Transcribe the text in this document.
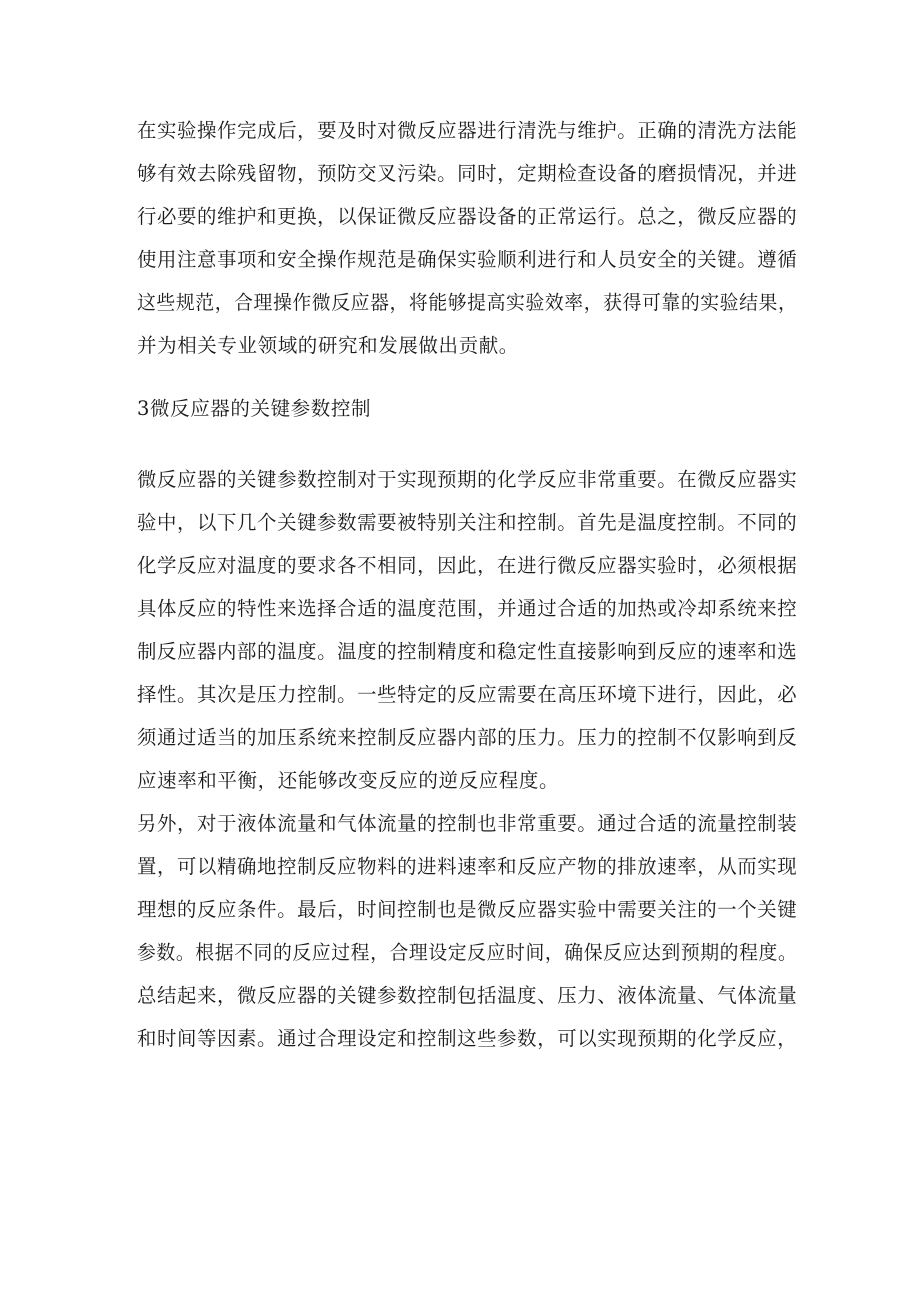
在实验操作完成后，要及时对微反应器进行清洗与维护。正确的清洗方法能
够有效去除残留物，预防交叉污染。同时，定期检查设备的磨损情况，并进
行必要的维护和更换，以保证微反应器设备的正常运行。总之，微反应器的
使用注意事项和安全操作规范是确保实验顺利进行和人员安全的关键。遵循
这些规范，合理操作微反应器，将能够提高实验效率，获得可靠的实验结果，
并为相关专业领域的研究和发展做出贡献。
3微反应器的关键参数控制
微反应器的关键参数控制对于实现预期的化学反应非常重要。在微反应器实
验中，以下几个关键参数需要被特别关注和控制。首先是温度控制。不同的
化学反应对温度的要求各不相同，因此，在进行微反应器实验时，必须根据
具体反应的特性来选择合适的温度范围，并通过合适的加热或冷却系统来控
制反应器内部的温度。温度的控制精度和稳定性直接影响到反应的速率和选
择性。其次是压力控制。一些特定的反应需要在高压环境下进行，因此，必
须通过适当的加压系统来控制反应器内部的压力。压力的控制不仅影响到反
应速率和平衡，还能够改变反应的逆反应程度。
另外，对于液体流量和气体流量的控制也非常重要。通过合适的流量控制装
置，可以精确地控制反应物料的进料速率和反应产物的排放速率，从而实现
理想的反应条件。最后，时间控制也是微反应器实验中需要关注的一个关键
参数。根据不同的反应过程，合理设定反应时间，确保反应达到预期的程度。
总结起来，微反应器的关键参数控制包括温度、压力、液体流量、气体流量
和时间等因素。通过合理设定和控制这些参数，可以实现预期的化学反应，
